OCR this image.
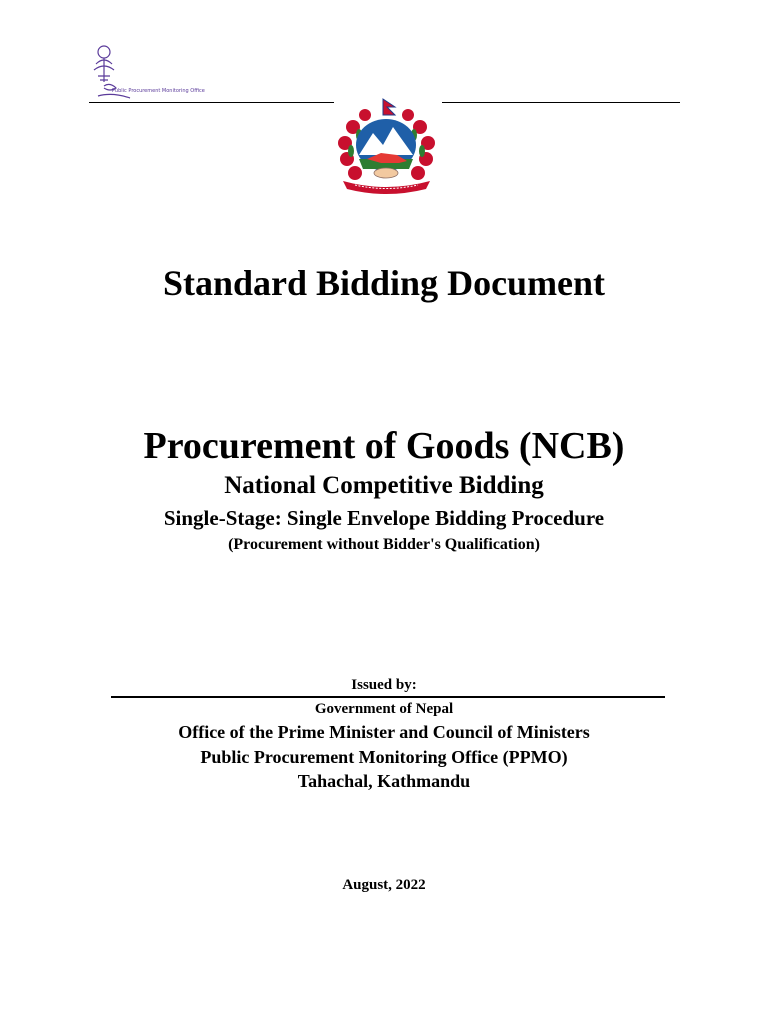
Public Procurement Monitoring Office
Standard Bidding Document
Procurement of Goods (NCB)
National Competitive Bidding
Single-Stage: Single Envelope Bidding Procedure
(Procurement without Bidder's Qualification)
Issued by:
Government of Nepal
Office of the Prime Minister and Council of Ministers
Public Procurement Monitoring Office (PPMO)
Tahachal, Kathmandu
August, 2022
